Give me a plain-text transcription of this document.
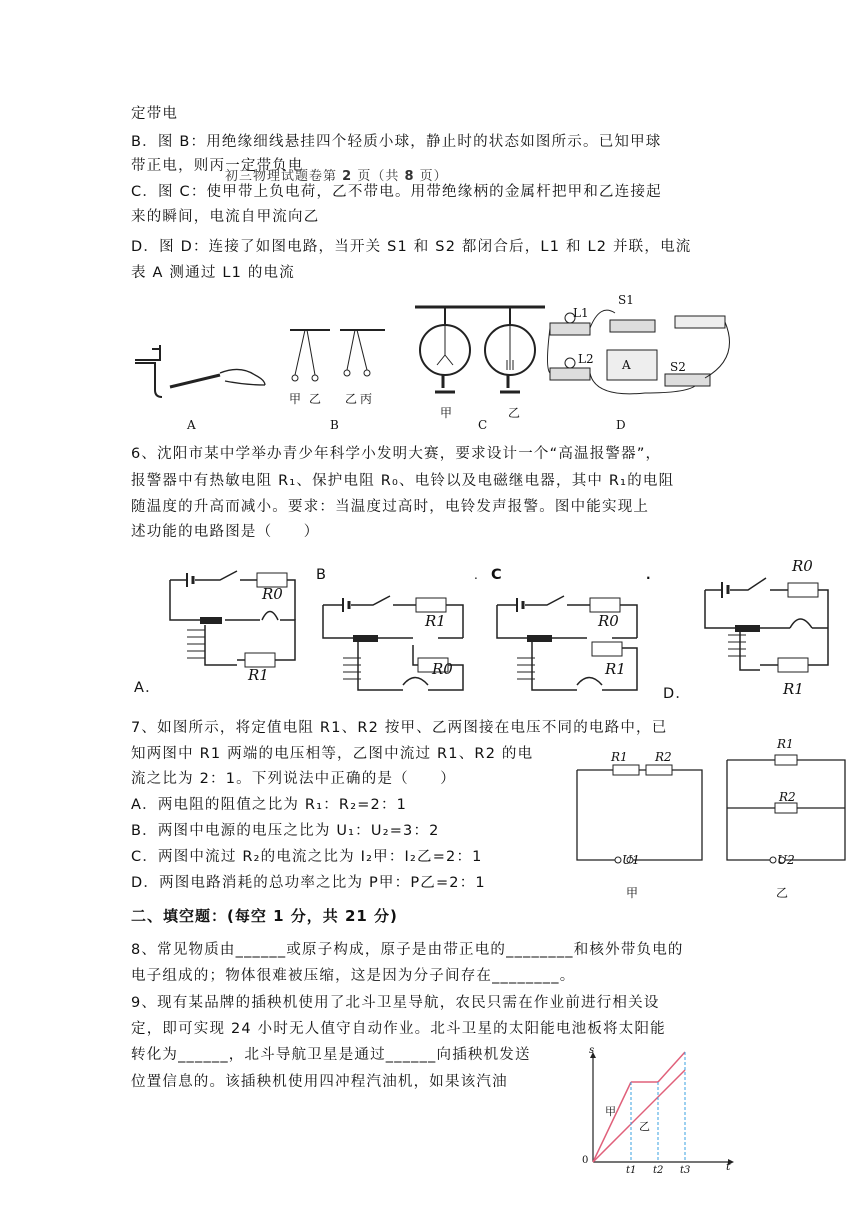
定带电
B．图 B：用绝缘细线悬挂四个轻质小球，静止时的状态如图所示。已知甲球
带正电，则丙一定带负电
初三物理试题卷第 2 页（共 8 页）
C．图 C：使甲带上负电荷，乙不带电。用带绝缘柄的金属杆把甲和乙连接起
来的瞬间，电流自甲流向乙
D．图 D：连接了如图电路，当开关 S1 和 S2 都闭合后，L1 和 L2 并联，电流
表 A 测通过 L1 的电流
A
甲 乙 乙 丙
B
甲	乙
C
L1
L2
S1
S2
A
D
6、沈阳市某中学举办青少年科学小发明大赛，要求设计一个“高温报警器”，
报警器中有热敏电阻 R₁、保护电阻 R₀、电铃以及电磁继电器，其中 R₁的电阻
随温度的升高而减小。要求：当温度过高时，电铃发声报警。图中能实现上
述功能的电路图是（　　）
R0
R1
A．
B
R1
R0
. C
R0
R1
.	R0
R1
D．
7、如图所示，将定值电阻 R1、R2 按甲、乙两图接在电压不同的电路中，已
知两图中 R1 两端的电压相等，乙图中流过 R1、R2 的电
流之比为 2：1。下列说法中正确的是（　　）
A．两电阻的阻值之比为 R₁：R₂=2：1
B．两图中电源的电压之比为 U₁：U₂=3：2
C．两图中流过 R₂的电流之比为 I₂甲：I₂乙=2：1
D．两图电路消耗的总功率之比为 P甲：P乙=2：1
R1 R2
U1
甲
R1
R2
U2
乙
二、填空题：(每空 1 分，共 21 分)
8、常见物质由______或原子构成，原子是由带正电的________和核外带负电的
电子组成的；物体很难被压缩，这是因为分子间存在________。
9、现有某品牌的插秧机使用了北斗卫星导航，农民只需在作业前进行相关设
定，即可实现 24 小时无人值守自动作业。北斗卫星的太阳能电池板将太阳能
转化为______，北斗导航卫星是通过______向插秧机发送
位置信息的。该插秧机使用四冲程汽油机，如果该汽油
s
t
0
t1 t2 t3
甲
乙
